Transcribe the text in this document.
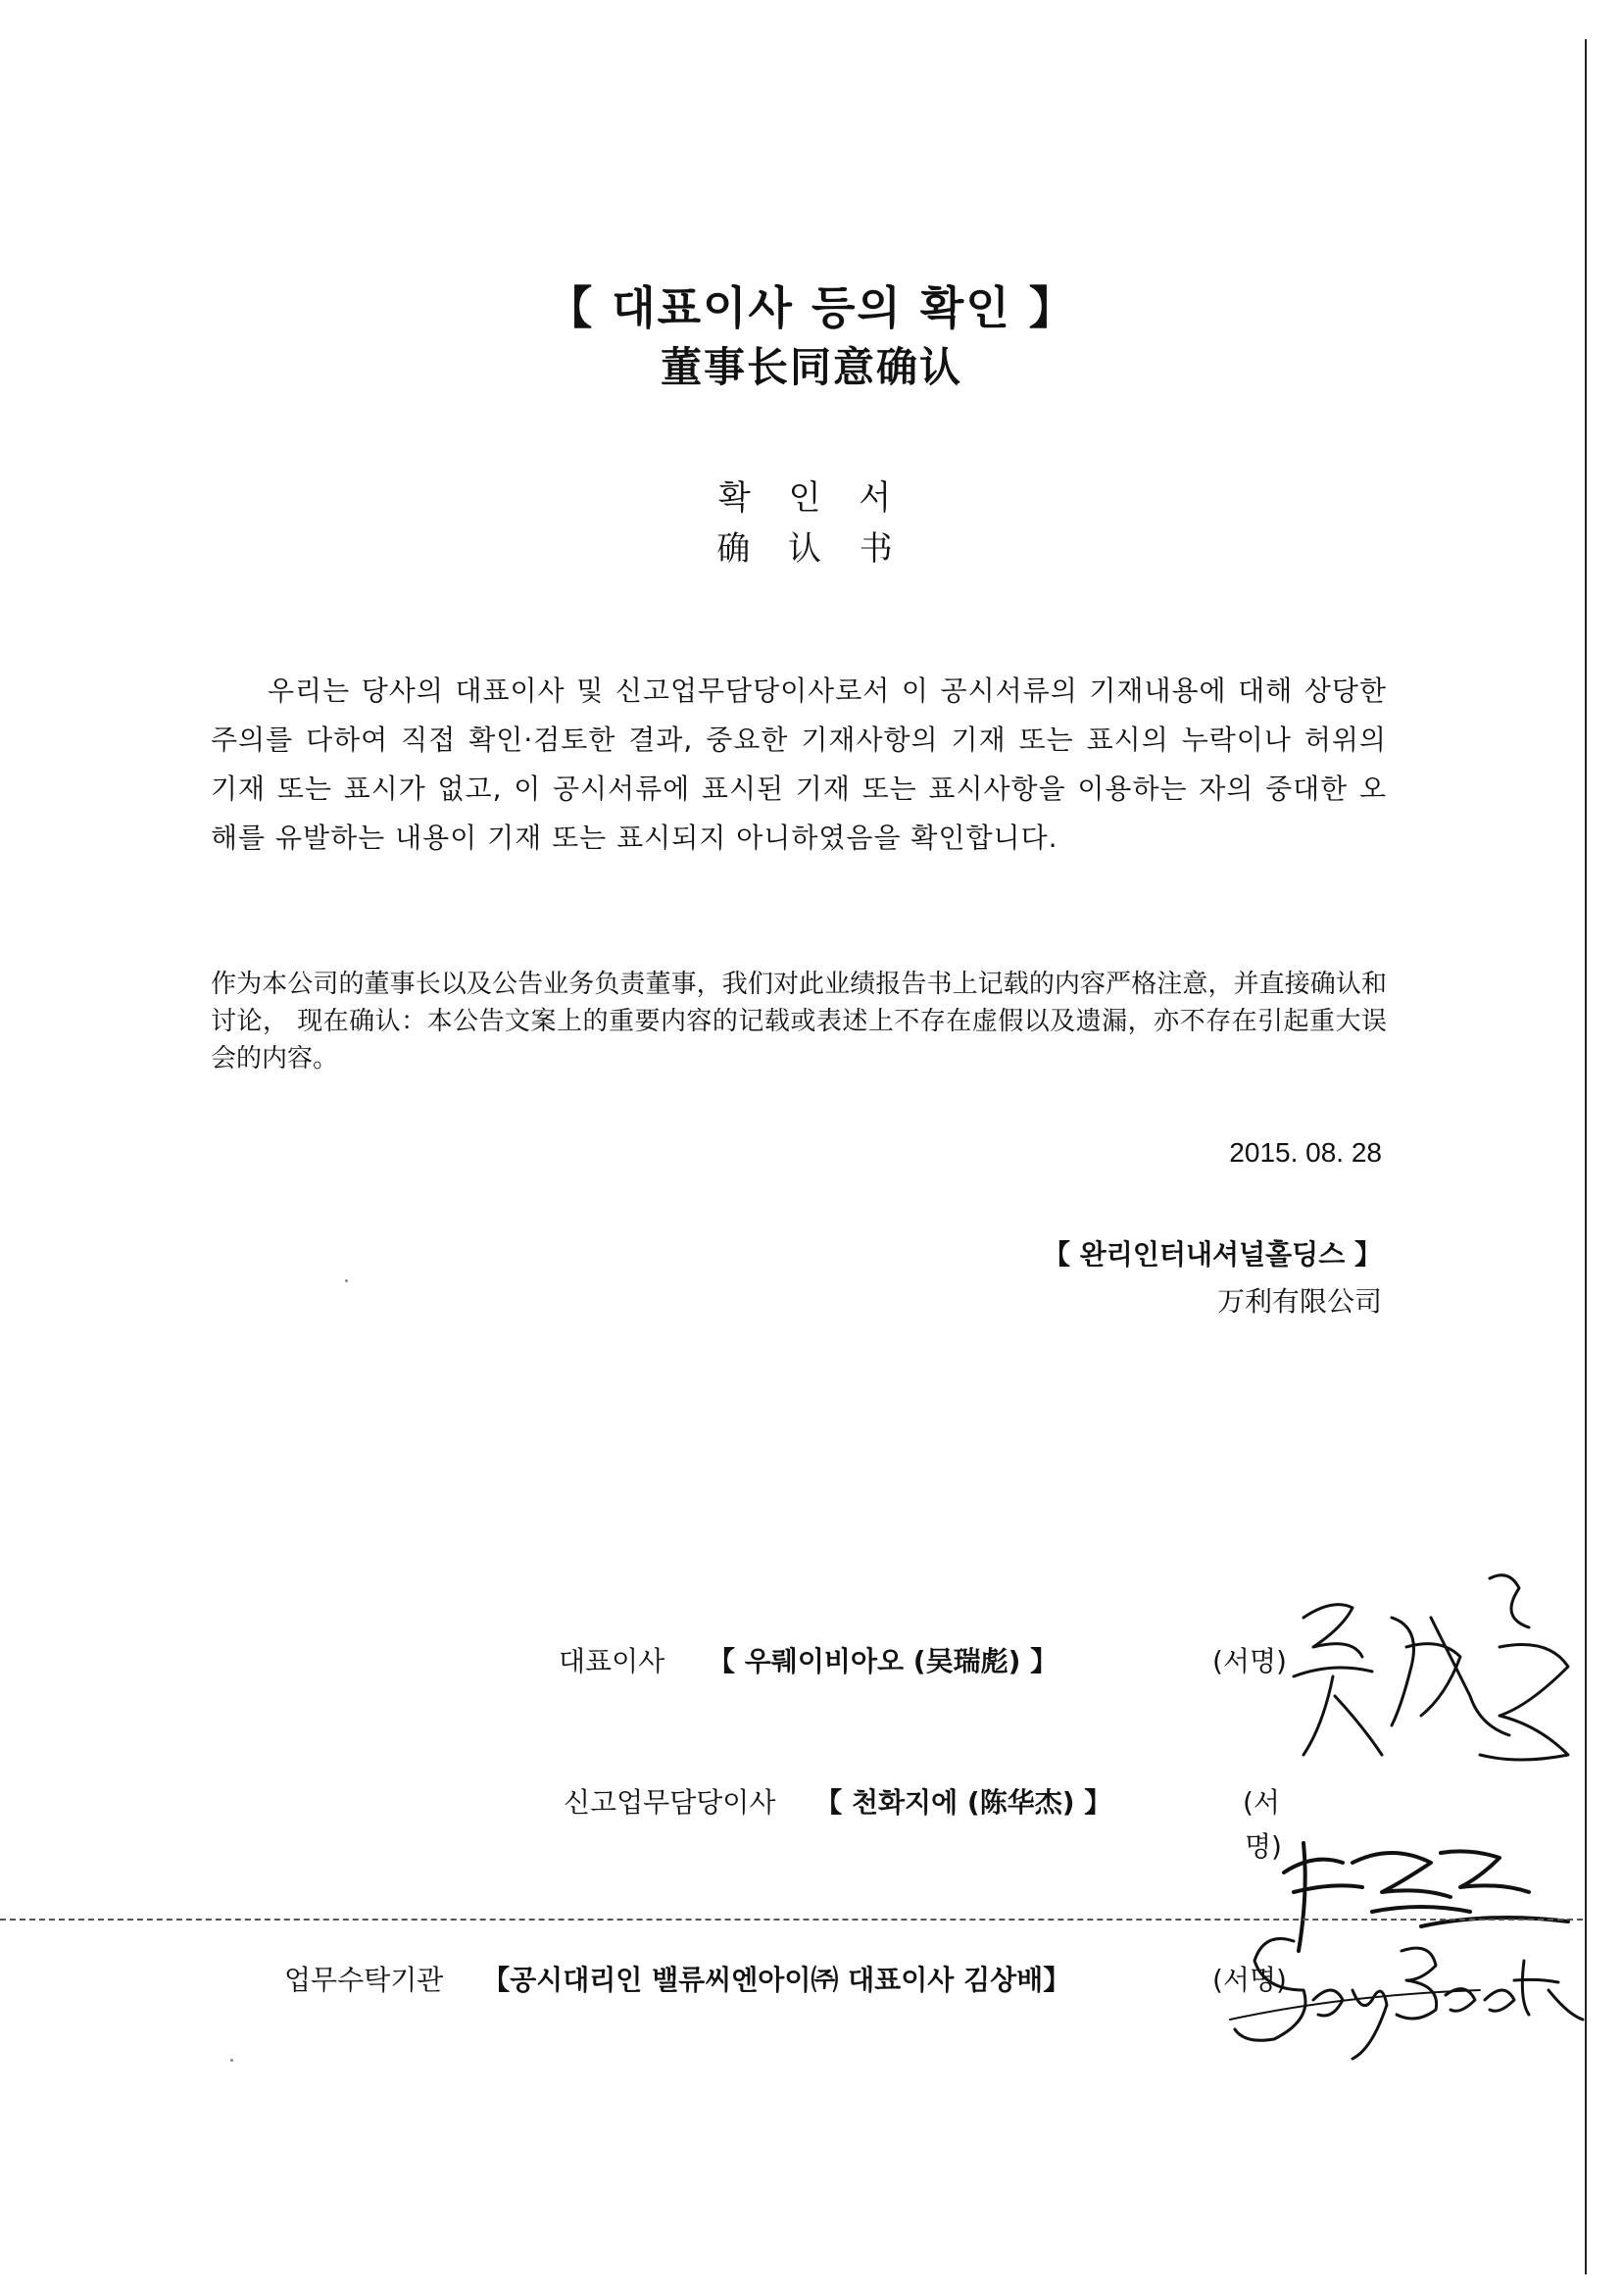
【 대표이사 등의 확인 】
董事长同意确认
확 인 서
确 认 书

우리는 당사의 대표이사 및 신고업무담당이사로서 이 공시서류의 기재내용에 대해 상당한 주의를 다하여 직접 확인·검토한 결과, 중요한 기재사항의 기재 또는 표시의 누락이나 허위의 기재 또는 표시가 없고, 이 공시서류에 표시된 기재 또는 표시사항을 이용하는 자의 중대한 오해를 유발하는 내용이 기재 또는 표시되지 아니하였음을 확인합니다.

作为本公司的董事长以及公告业务负责董事，我们对此业绩报告书上记载的内容严格注意，并直接确认和讨论， 现在确认：本公告文案上的重要内容的记载或表述上不存在虚假以及遗漏，亦不存在引起重大误会的内容。

2015. 08. 28
【 완리인터내셔널홀딩스 】
万利有限公司
대표이사 【 우뤠이비아오 (吴瑞彪) 】	(서명)
신고업무담당이사 【 천화지에 (陈华杰) 】	(서
명)
업무수탁기관 【공시대리인 밸류씨엔아이㈜ 대표이사 김상배】	(서명)
